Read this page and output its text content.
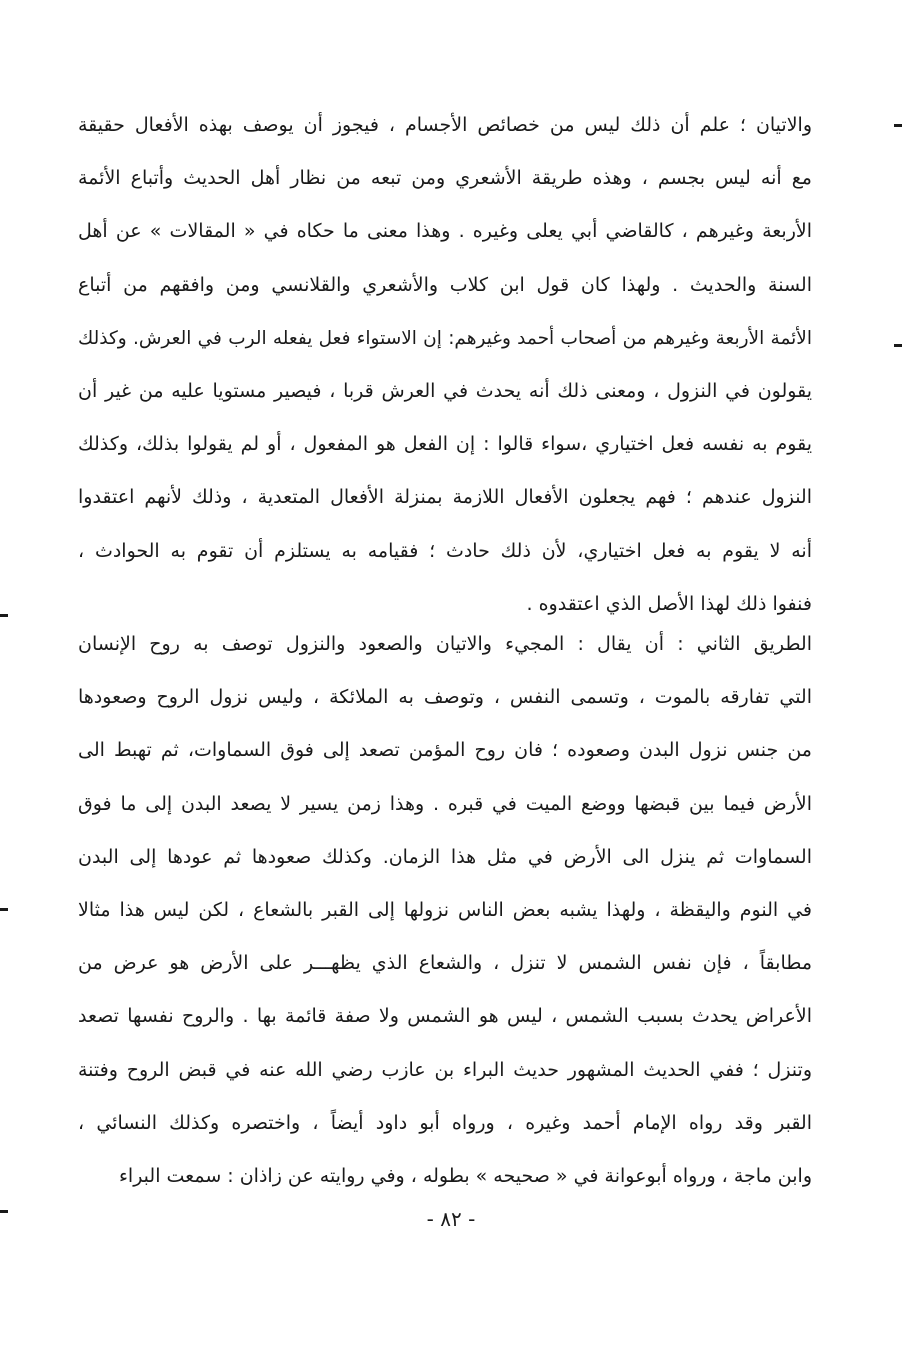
والاتيان ؛ علم أن ذلك ليس من خصائص الأجسام ، فيجوز أن يوصف بهذه الأفعال حقيقة
مع أنه ليس بجسم ، وهذه طريقة الأشعري ومن تبعه من نظار أهل الحديث وأتباع الأئمة
الأربعة وغيرهم ، كالقاضي أبي يعلى وغيره . وهذا معنى ما حكاه في « المقالات » عن أهل
السنة والحديث . ولهذا كان قول ابن كلاب والأشعري والقلانسي ومن وافقهم من أتباع
الأئمة الأربعة وغيرهم من أصحاب أحمد وغيرهم: إن الاستواء فعل يفعله الرب في العرش. وكذلك
يقولون في النزول ، ومعنى ذلك أنه يحدث في العرش قربا ، فيصير مستويا عليه من غير أن
يقوم به نفسه فعل اختياري ،سواء قالوا : إن الفعل هو المفعول ، أو لم يقولوا بذلك، وكذلك
النزول عندهم ؛ فهم يجعلون الأفعال اللازمة بمنزلة الأفعال المتعدية ، وذلك لأنهم اعتقدوا
أنه لا يقوم به فعل اختياري، لأن ذلك حادث ؛ فقيامه به يستلزم أن تقوم به الحوادث ،
فنفوا ذلك لهذا الأصل الذي اعتقدوه .
الطريق الثاني : أن يقال : المجيء والاتيان والصعود والنزول توصف به روح الإنسان
التي تفارقه بالموت ، وتسمى النفس ، وتوصف به الملائكة ، وليس نزول الروح وصعودها
من جنس نزول البدن وصعوده ؛ فان روح المؤمن تصعد إلى فوق السماوات، ثم تهبط الى
الأرض فيما بين قبضها ووضع الميت في قبره . وهذا زمن يسير لا يصعد البدن إلى ما فوق
السماوات ثم ينزل الى الأرض في مثل هذا الزمان. وكذلك صعودها ثم عودها إلى البدن
في النوم واليقظة ، ولهذا يشبه بعض الناس نزولها إلى القبر بالشعاع ، لكن ليس هذا مثالا
مطابقاً ، فإن نفس الشمس لا تنزل ، والشعاع الذي يظهـــر على الأرض هو عرض من
الأعراض يحدث بسبب الشمس ، ليس هو الشمس ولا صفة قائمة بها . والروح نفسها تصعد
وتنزل ؛ ففي الحديث المشهور حديث البراء بن عازب رضي الله عنه في قبض الروح وفتنة
القبر وقد رواه الإمام أحمد وغيره ، ورواه أبو داود أيضاً ، واختصره وكذلك النسائي ،
وابن ماجة ، ورواه أبوعوانة في « صحيحه » بطوله ، وفي روايته عن زاذان : سمعت البراء
- ٨٢ -
